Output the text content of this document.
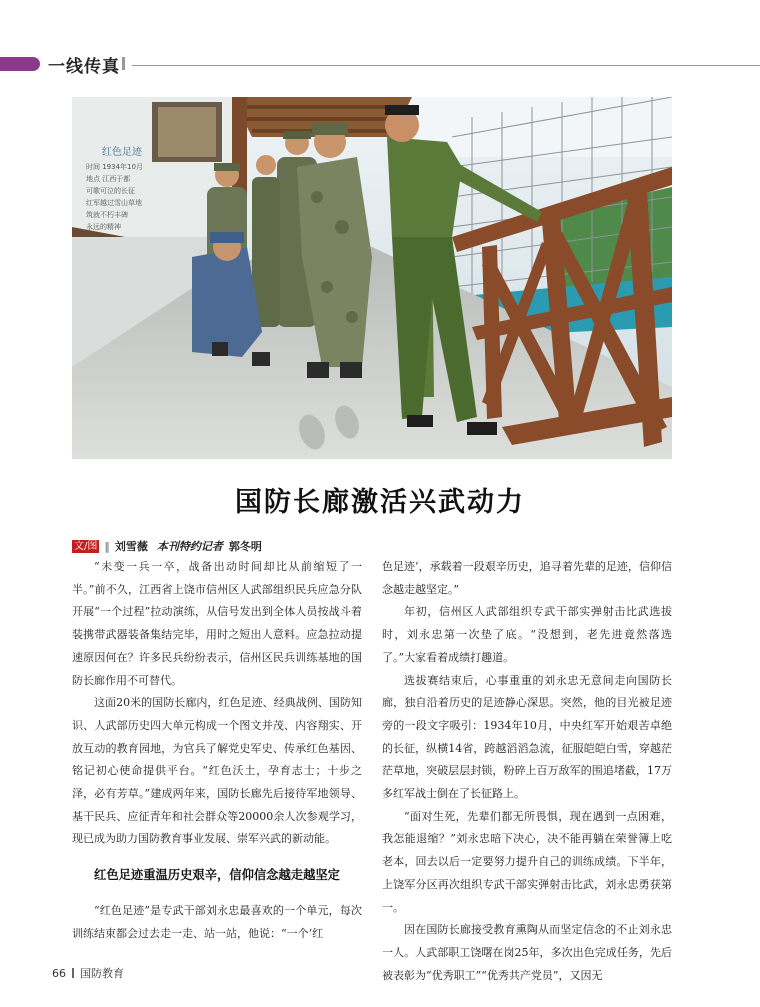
一线传真
红色足迹
时间 1934年10月
地点 江西于都
可歌可泣的长征
红军越过雪山草地
筑就不朽丰碑
永远的精神
国防长廊激活兴武动力
文/图 ‖ 刘雪薇 本刊特约记者 郭冬明

“未变一兵一卒，战备出动时间却比从前缩短了一半。”前不久，江西省上饶市信州区人武部组织民兵应急分队开展“一个过程”拉动演练，从信号发出到全体人员按战斗着装携带武器装备集结完毕，用时之短出人意料。应急拉动提速原因何在？许多民兵纷纷表示，信州区民兵训练基地的国防长廊作用不可替代。

这面20米的国防长廊内，红色足迹、经典战例、国防知识、人武部历史四大单元构成一个图文并茂、内容翔实、开放互动的教育园地，为官兵了解党史军史、传承红色基因、铭记初心使命提供平台。“红色沃土，孕育志士；十步之泽，必有芳草。”建成两年来，国防长廊先后接待军地领导、基干民兵、应征青年和社会群众等20000余人次参观学习，现已成为助力国防教育事业发展、崇军兴武的新动能。

红色足迹重温历史艰辛，信仰信念越走越坚定

“红色足迹”是专武干部刘永忠最喜欢的一个单元，每次训练结束都会过去走一走、站一站，他说：“一个‘红

色足迹’，承载着一段艰辛历史，追寻着先辈的足迹，信仰信念越走越坚定。”

年初，信州区人武部组织专武干部实弹射击比武选拔时，刘永忠第一次垫了底。“没想到，老先进竟然落选了。”大家看着成绩打趣道。

选拔赛结束后，心事重重的刘永忠无意间走向国防长廊，独自沿着历史的足迹静心深思。突然，他的目光被足迹旁的一段文字吸引：1934年10月，中央红军开始艰苦卓绝的长征，纵横14省，跨越滔滔急流，征服皑皑白雪，穿越茫茫草地，突破层层封锁，粉碎上百万敌军的围追堵截，17万多红军战士倒在了长征路上。

“面对生死，先辈们都无所畏惧，现在遇到一点困难，我怎能退缩？”刘永忠暗下决心，决不能再躺在荣誉簿上吃老本，回去以后一定要努力提升自己的训练成绩。下半年，上饶军分区再次组织专武干部实弹射击比武，刘永忠勇获第一。

因在国防长廊接受教育熏陶从而坚定信念的不止刘永忠一人。人武部职工饶曙在岗25年，多次出色完成任务，先后被表彰为“优秀职工”“优秀共产党员”，又因无

66 国防教育
